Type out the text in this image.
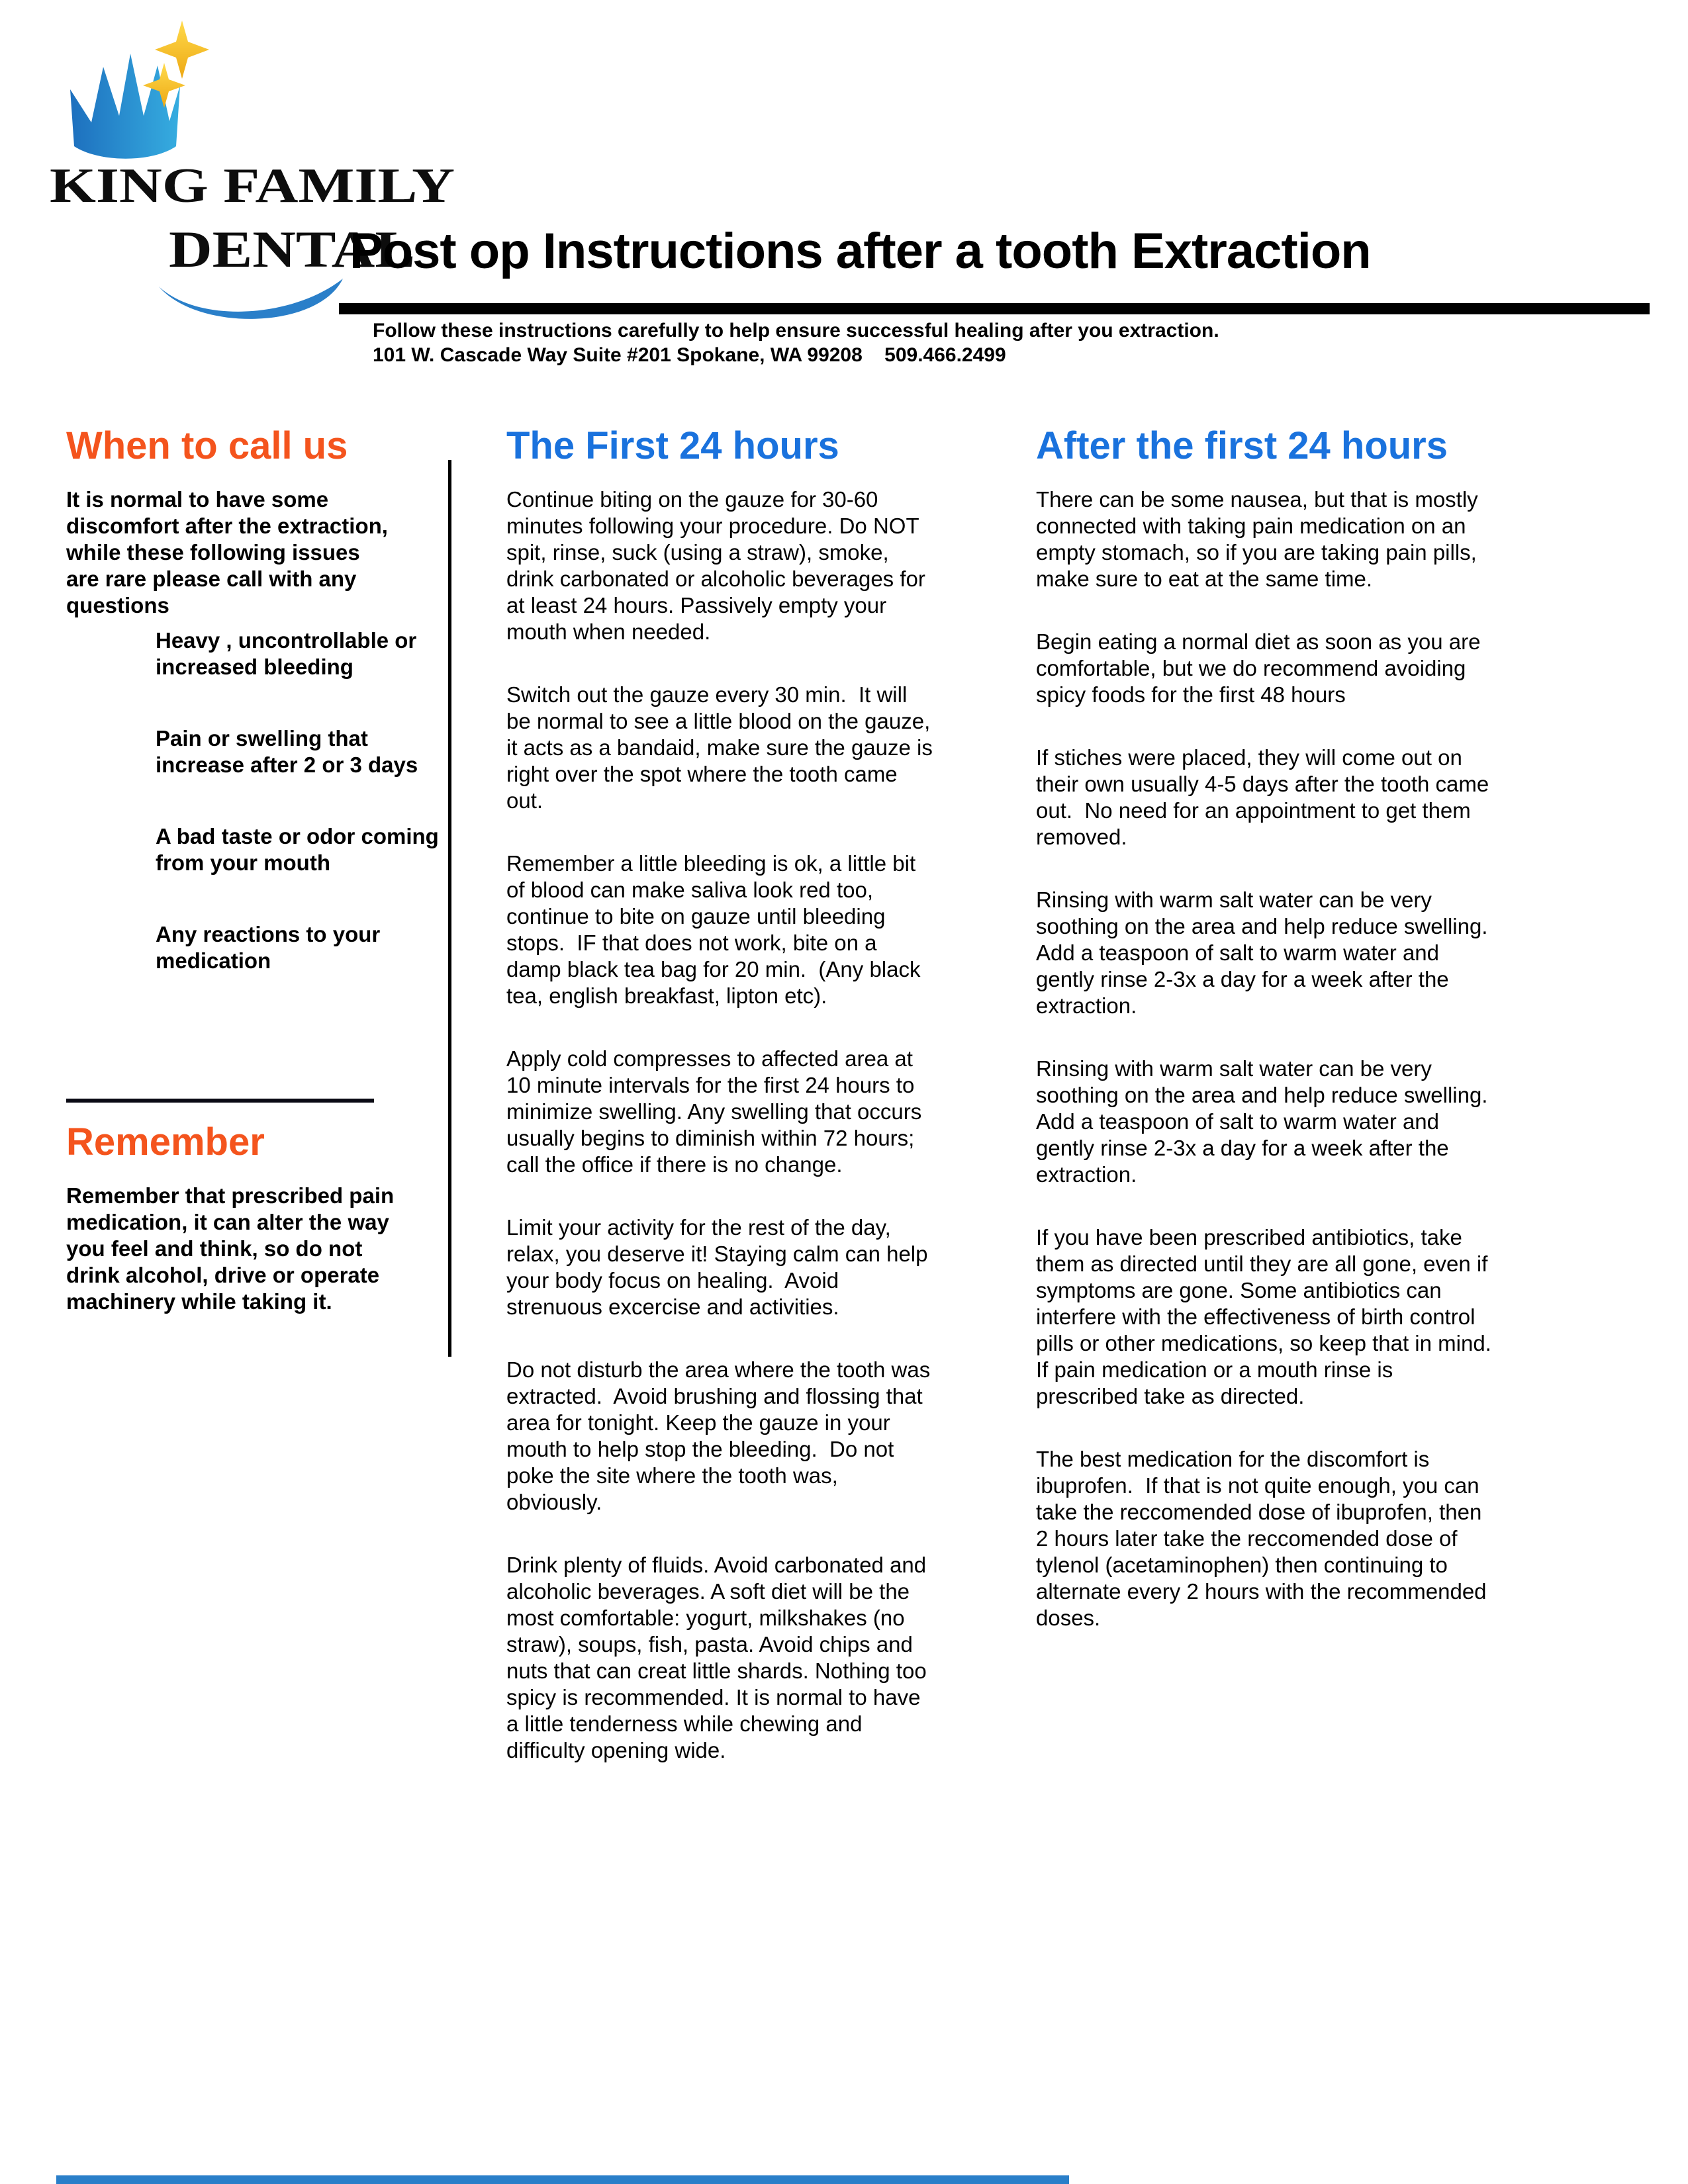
KING FAMILY
DENTAL
Post op Instructions after a tooth Extraction
Follow these instructions carefully to help ensure successful healing after you extraction.
101 W. Cascade Way Suite #201 Spokane, WA 99208    509.466.2499
When to call us

It is normal to have some discomfort after the extraction, while these following issues are rare please call with any questions

Heavy , uncontrollable or increased bleeding

Pain or swelling that increase after 2 or 3 days

A bad taste or odor coming from your mouth

Any reactions to your medication

Remember

Remember that prescribed pain medication, it can alter the way you feel and think, so do not drink alcohol, drive or operate machinery while taking it.

The First 24 hours

Continue biting on the gauze for 30-60 minutes following your procedure. Do NOT spit, rinse, suck (using a straw), smoke, drink carbonated or alcoholic beverages for at least 24 hours. Passively empty your mouth when needed.

Switch out the gauze every 30 min.  It will be normal to see a little blood on the gauze, it acts as a bandaid, make sure the gauze is right over the spot where the tooth came out.

Remember a little bleeding is ok, a little bit of blood can make saliva look red too, continue to bite on gauze until bleeding stops.  IF that does not work, bite on a damp black tea bag for 20 min.  (Any black tea, english breakfast, lipton etc).

Apply cold compresses to affected area at 10 minute intervals for the first 24 hours to minimize swelling. Any swelling that occurs usually begins to diminish within 72 hours; call the office if there is no change.

Limit your activity for the rest of the day, relax, you deserve it! Staying calm can help your body focus on healing.  Avoid strenuous excercise and activities.

Do not disturb the area where the tooth was extracted.  Avoid brushing and flossing that area for tonight. Keep the gauze in your mouth to help stop the bleeding.  Do not poke the site where the tooth was, obviously.

Drink plenty of fluids. Avoid carbonated and alcoholic beverages. A soft diet will be the most comfortable: yogurt, milkshakes (no straw), soups, fish, pasta. Avoid chips and nuts that can creat little shards. Nothing too spicy is recommended. It is normal to have a little tenderness while chewing and difficulty opening wide.

After the first 24 hours

There can be some nausea, but that is mostly connected with taking pain medication on an empty stomach, so if you are taking pain pills, make sure to eat at the same time.

Begin eating a normal diet as soon as you are comfortable, but we do recommend avoiding spicy foods for the first 48 hours

If stiches were placed, they will come out on their own usually 4-5 days after the tooth came out.  No need for an appointment to get them removed.

Rinsing with warm salt water can be very soothing on the area and help reduce swelling.  Add a teaspoon of salt to warm water and gently rinse 2-3x a day for a week after the extraction.

Rinsing with warm salt water can be very soothing on the area and help reduce swelling.  Add a teaspoon of salt to warm water and gently rinse 2-3x a day for a week after the extraction.

If you have been prescribed antibiotics, take them as directed until they are all gone, even if symptoms are gone. Some antibiotics can interfere with the effectiveness of birth control pills or other medications, so keep that in mind. If pain medication or a mouth rinse is prescribed take as directed.

The best medication for the discomfort is ibuprofen.  If that is not quite enough, you can take the reccomended dose of ibuprofen, then 2 hours later take the reccomended dose of tylenol (acetaminophen) then continuing to alternate every 2 hours with the recommended doses.
